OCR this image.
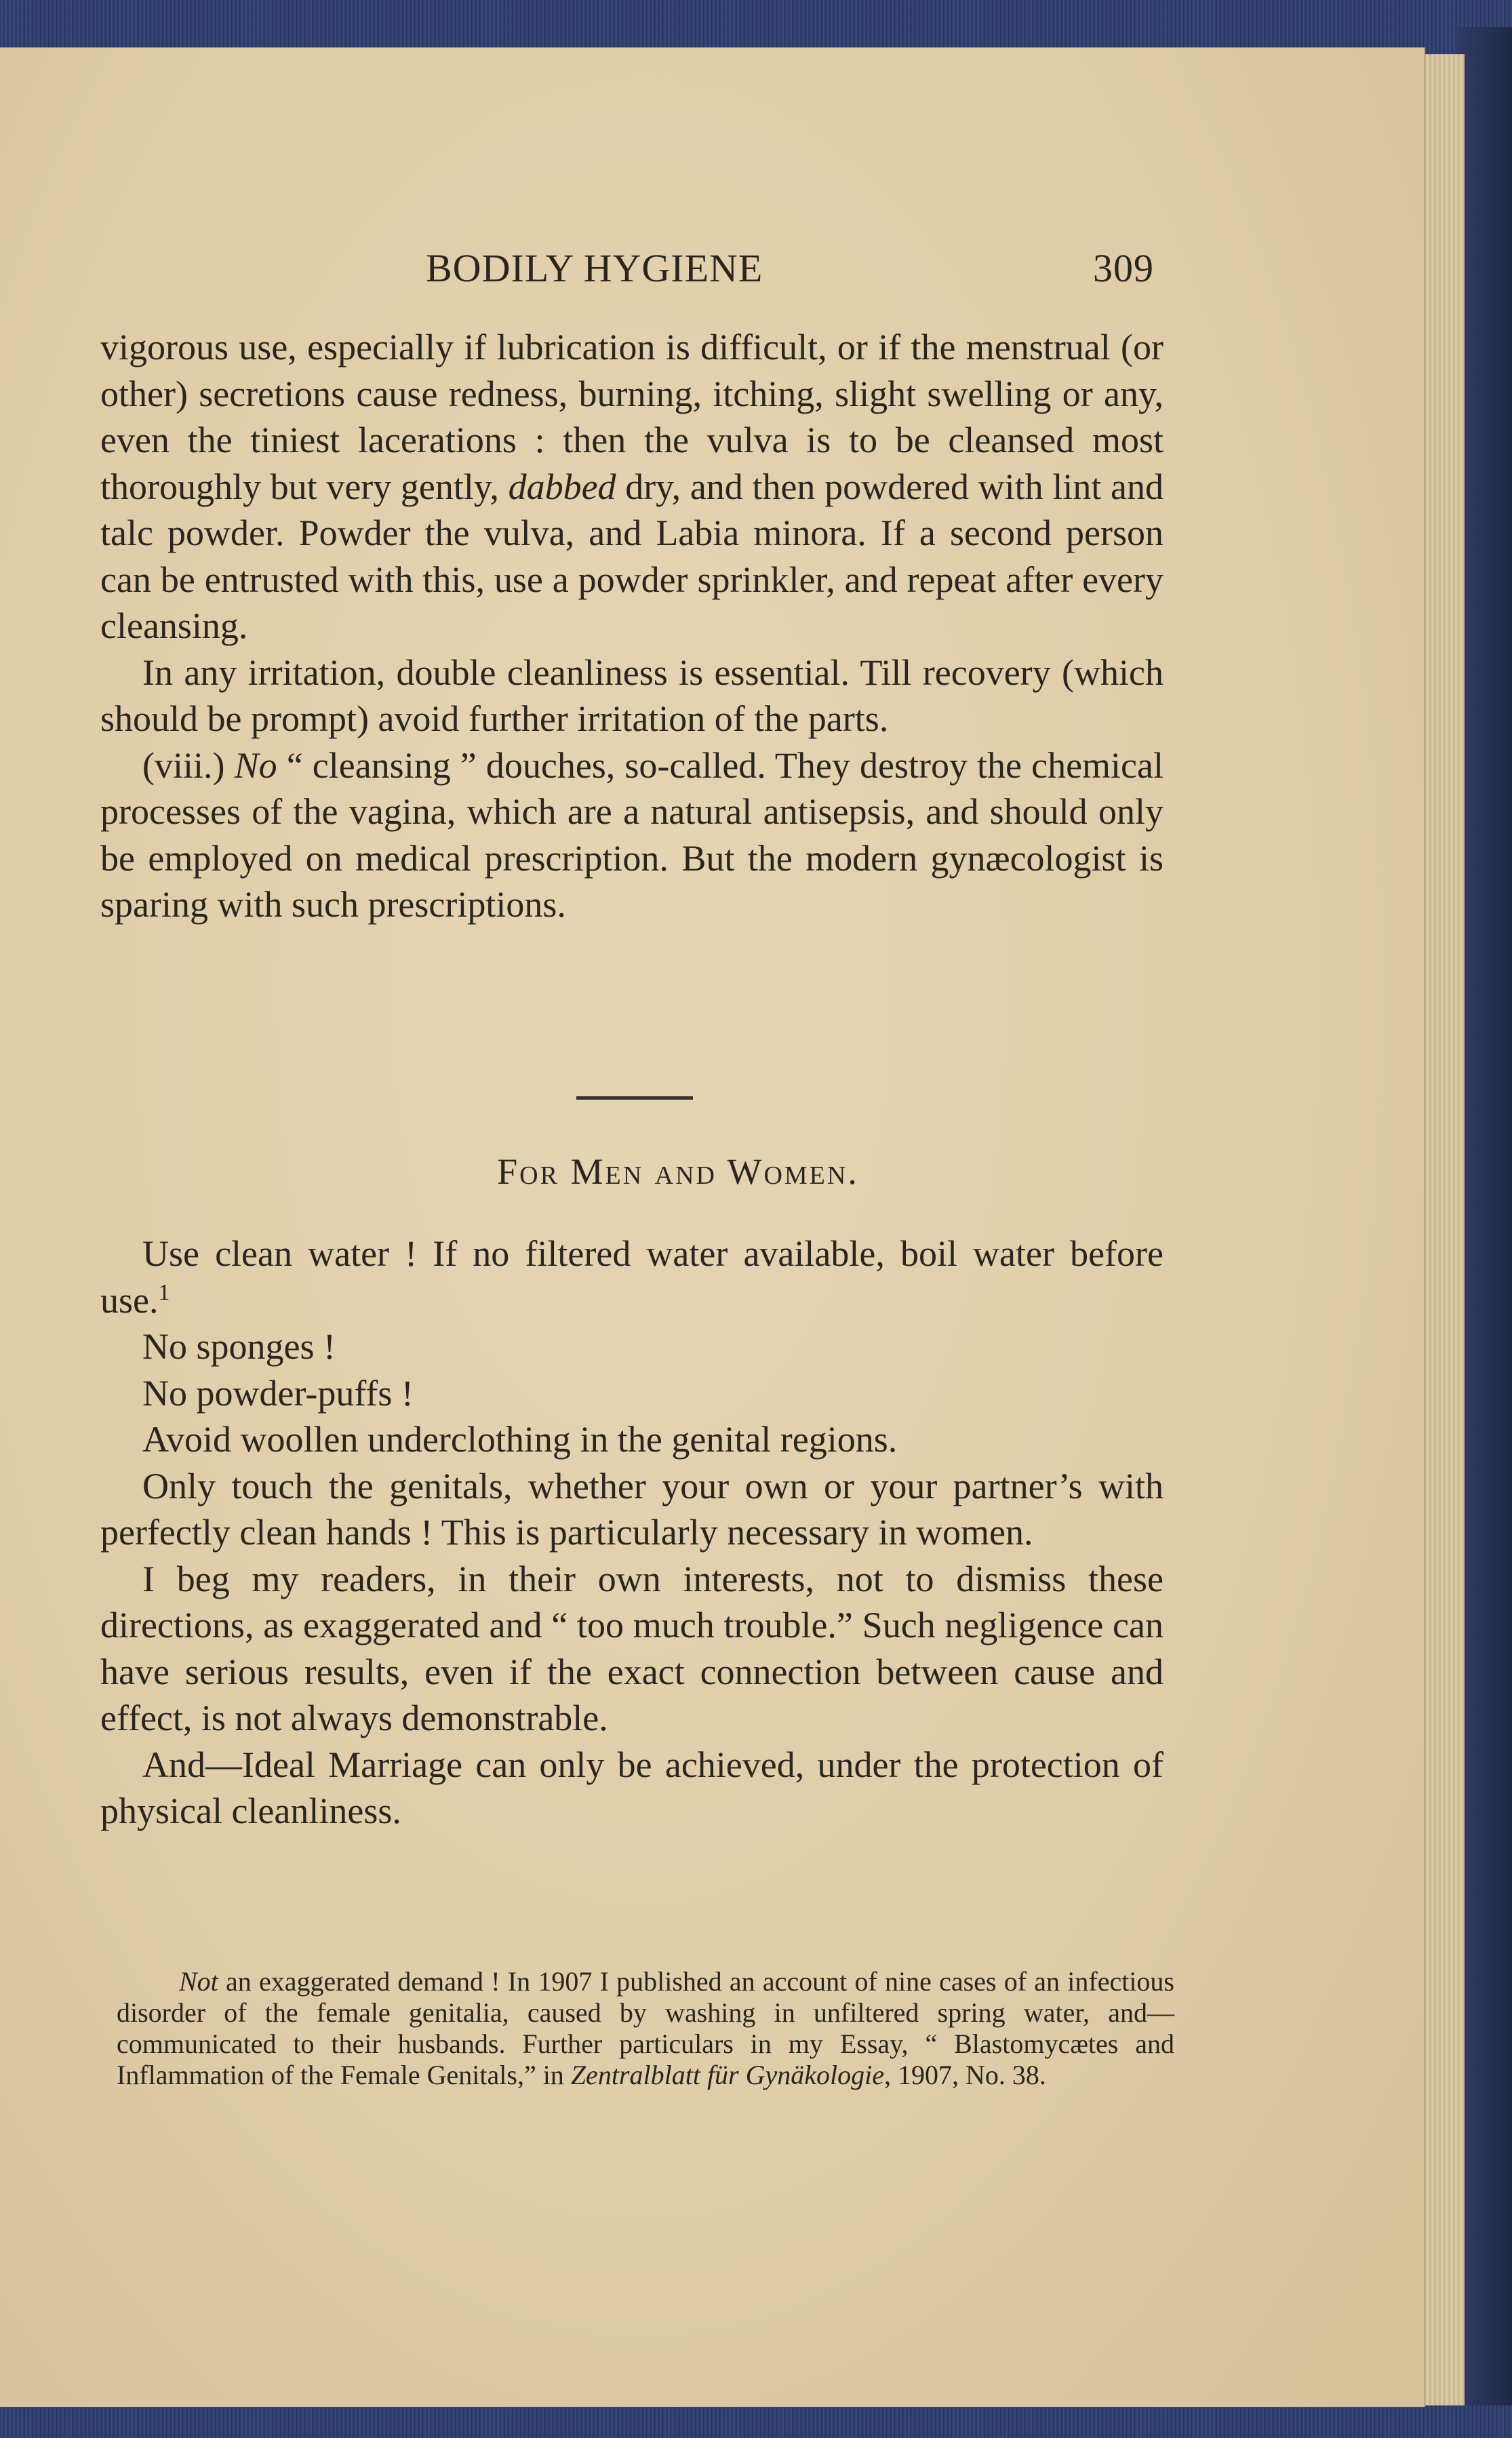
BODILY HYGIENE	309

vigorous use, especially if lubrication is difficult, or if the menstrual (or other) secretions cause redness, burning, itching, slight swelling or any, even the tiniest lacerations : then the vulva is to be cleansed most thoroughly but very gently, dabbed dry, and then powdered with lint and talc powder. Powder the vulva, and Labia minora. If a second person can be entrusted with this, use a powder sprinkler, and repeat after every cleansing.

In any irritation, double cleanliness is essential. Till recovery (which should be prompt) avoid further irritation of the parts.

(viii.) No “ cleansing ” douches, so-called. They destroy the chemical processes of the vagina, which are a natural antisepsis, and should only be employed on medical prescription. But the modern gynæcologist is sparing with such prescriptions.

For Men and Women.

Use clean water ! If no filtered water available, boil water before use.$^1$

No sponges !

No powder-puffs !

Avoid woollen underclothing in the genital regions.

Only touch the genitals, whether your own or your partner’s with perfectly clean hands ! This is particularly necessary in women.

I beg my readers, in their own interests, not to dismiss these directions, as exaggerated and “ too much trouble.” Such negligence can have serious results, even if the exact connection between cause and effect, is not always demonstrable.

And—Ideal Marriage can only be achieved, under the protection of physical cleanliness.

Not an exaggerated demand ! In 1907 I published an account of nine cases of an infectious disorder of the female genitalia, caused by washing in unfiltered spring water, and—communicated to their husbands. Further particulars in my Essay, “ Blastomycætes and Inflammation of the Female Genitals,” in Zentralblatt für Gynäkologie, 1907, No. 38.
